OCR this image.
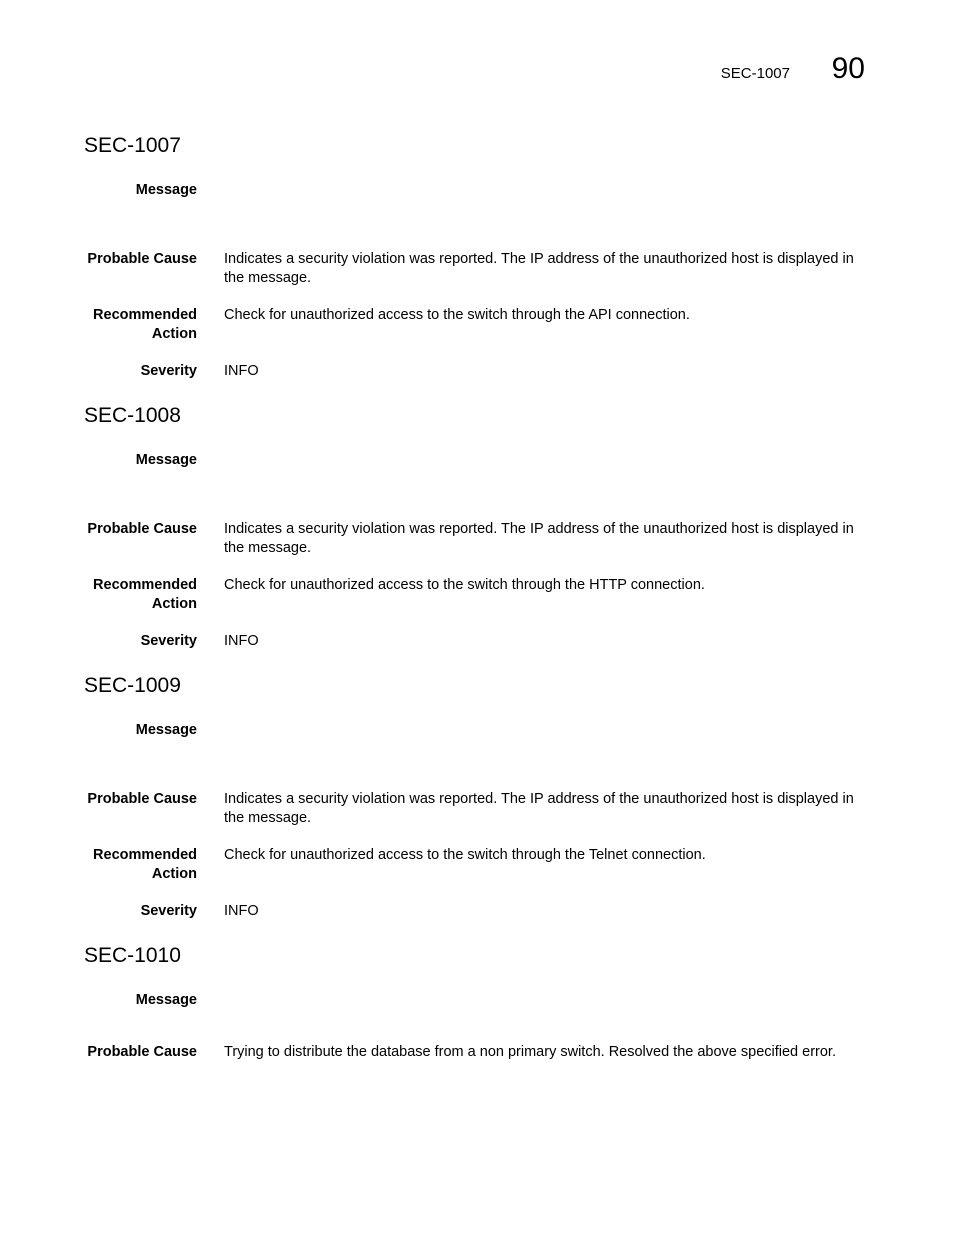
SEC-1007 90
SEC-1007
Message
Probable Cause Indicates a security violation was reported. The IP address of the unauthorized host is displayed in the message.
Recommended Action
Check for unauthorized access to the switch through the API connection.
Severity INFO
SEC-1008
Message
Probable Cause Indicates a security violation was reported. The IP address of the unauthorized host is displayed in the message.
Recommended Action
Check for unauthorized access to the switch through the HTTP connection.
Severity INFO
SEC-1009
Message
Probable Cause Indicates a security violation was reported. The IP address of the unauthorized host is displayed in the message.
Recommended Action
Check for unauthorized access to the switch through the Telnet connection.
Severity INFO
SEC-1010
Message
Probable Cause Trying to distribute the database from a non primary switch. Resolved the above specified error.
